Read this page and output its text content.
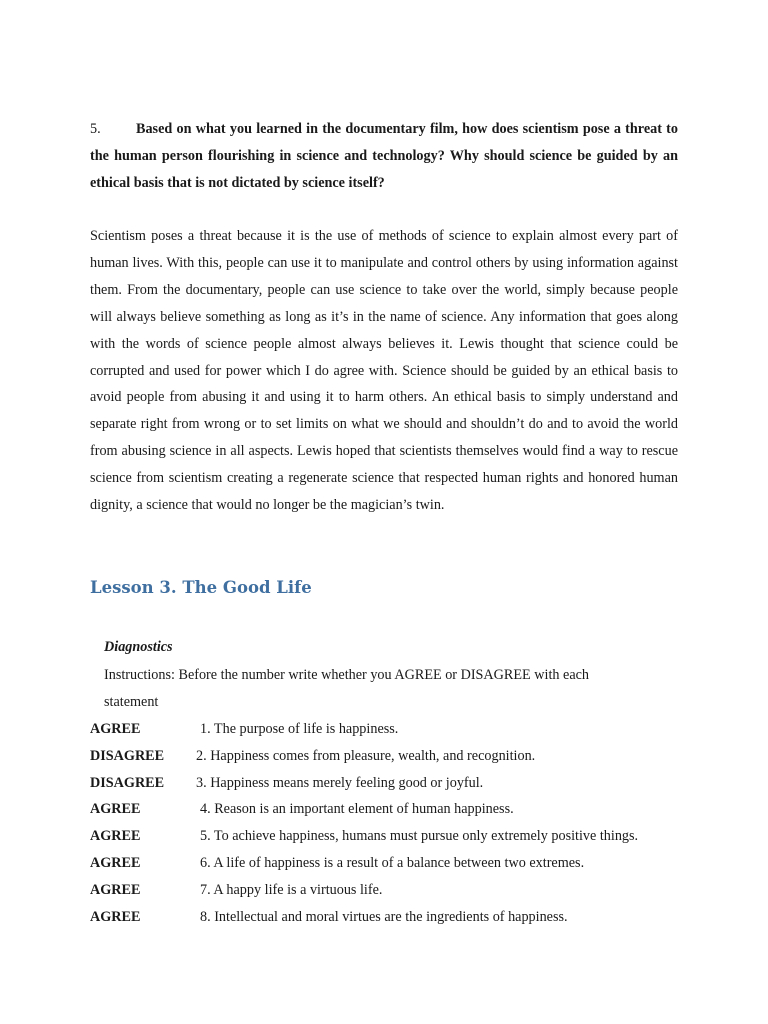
5. Based on what you learned in the documentary film, how does scientism pose a threat to the human person flourishing in science and technology? Why should science be guided by an ethical basis that is not dictated by science itself?

Scientism poses a threat because it is the use of methods of science to explain almost every part of human lives. With this, people can use it to manipulate and control others by using information against them. From the documentary, people can use science to take over the world, simply because people will always believe something as long as it’s in the name of science. Any information that goes along with the words of science people almost always believes it. Lewis thought that science could be corrupted and used for power which I do agree with. Science should be guided by an ethical basis to avoid people from abusing it and using it to harm others. An ethical basis to simply understand and separate right from wrong or to set limits on what we should and shouldn’t do and to avoid the world from abusing science in all aspects. Lewis hoped that scientists themselves would find a way to rescue science from scientism creating a regenerate science that respected human rights and honored human dignity, a science that would no longer be the magician’s twin.

Lesson 3. The Good Life
Diagnostics
Instructions: Before the number write whether you AGREE or DISAGREE with each statement
AGREE	1. The purpose of life is happiness.
DISAGREE 2. Happiness comes from pleasure, wealth, and recognition.
DISAGREE 3. Happiness means merely feeling good or joyful.
AGREE	4. Reason is an important element of human happiness.
AGREE	5. To achieve happiness, humans must pursue only extremely positive things.
AGREE	6. A life of happiness is a result of a balance between two extremes.
AGREE	7. A happy life is a virtuous life.
AGREE	8. Intellectual and moral virtues are the ingredients of happiness.
